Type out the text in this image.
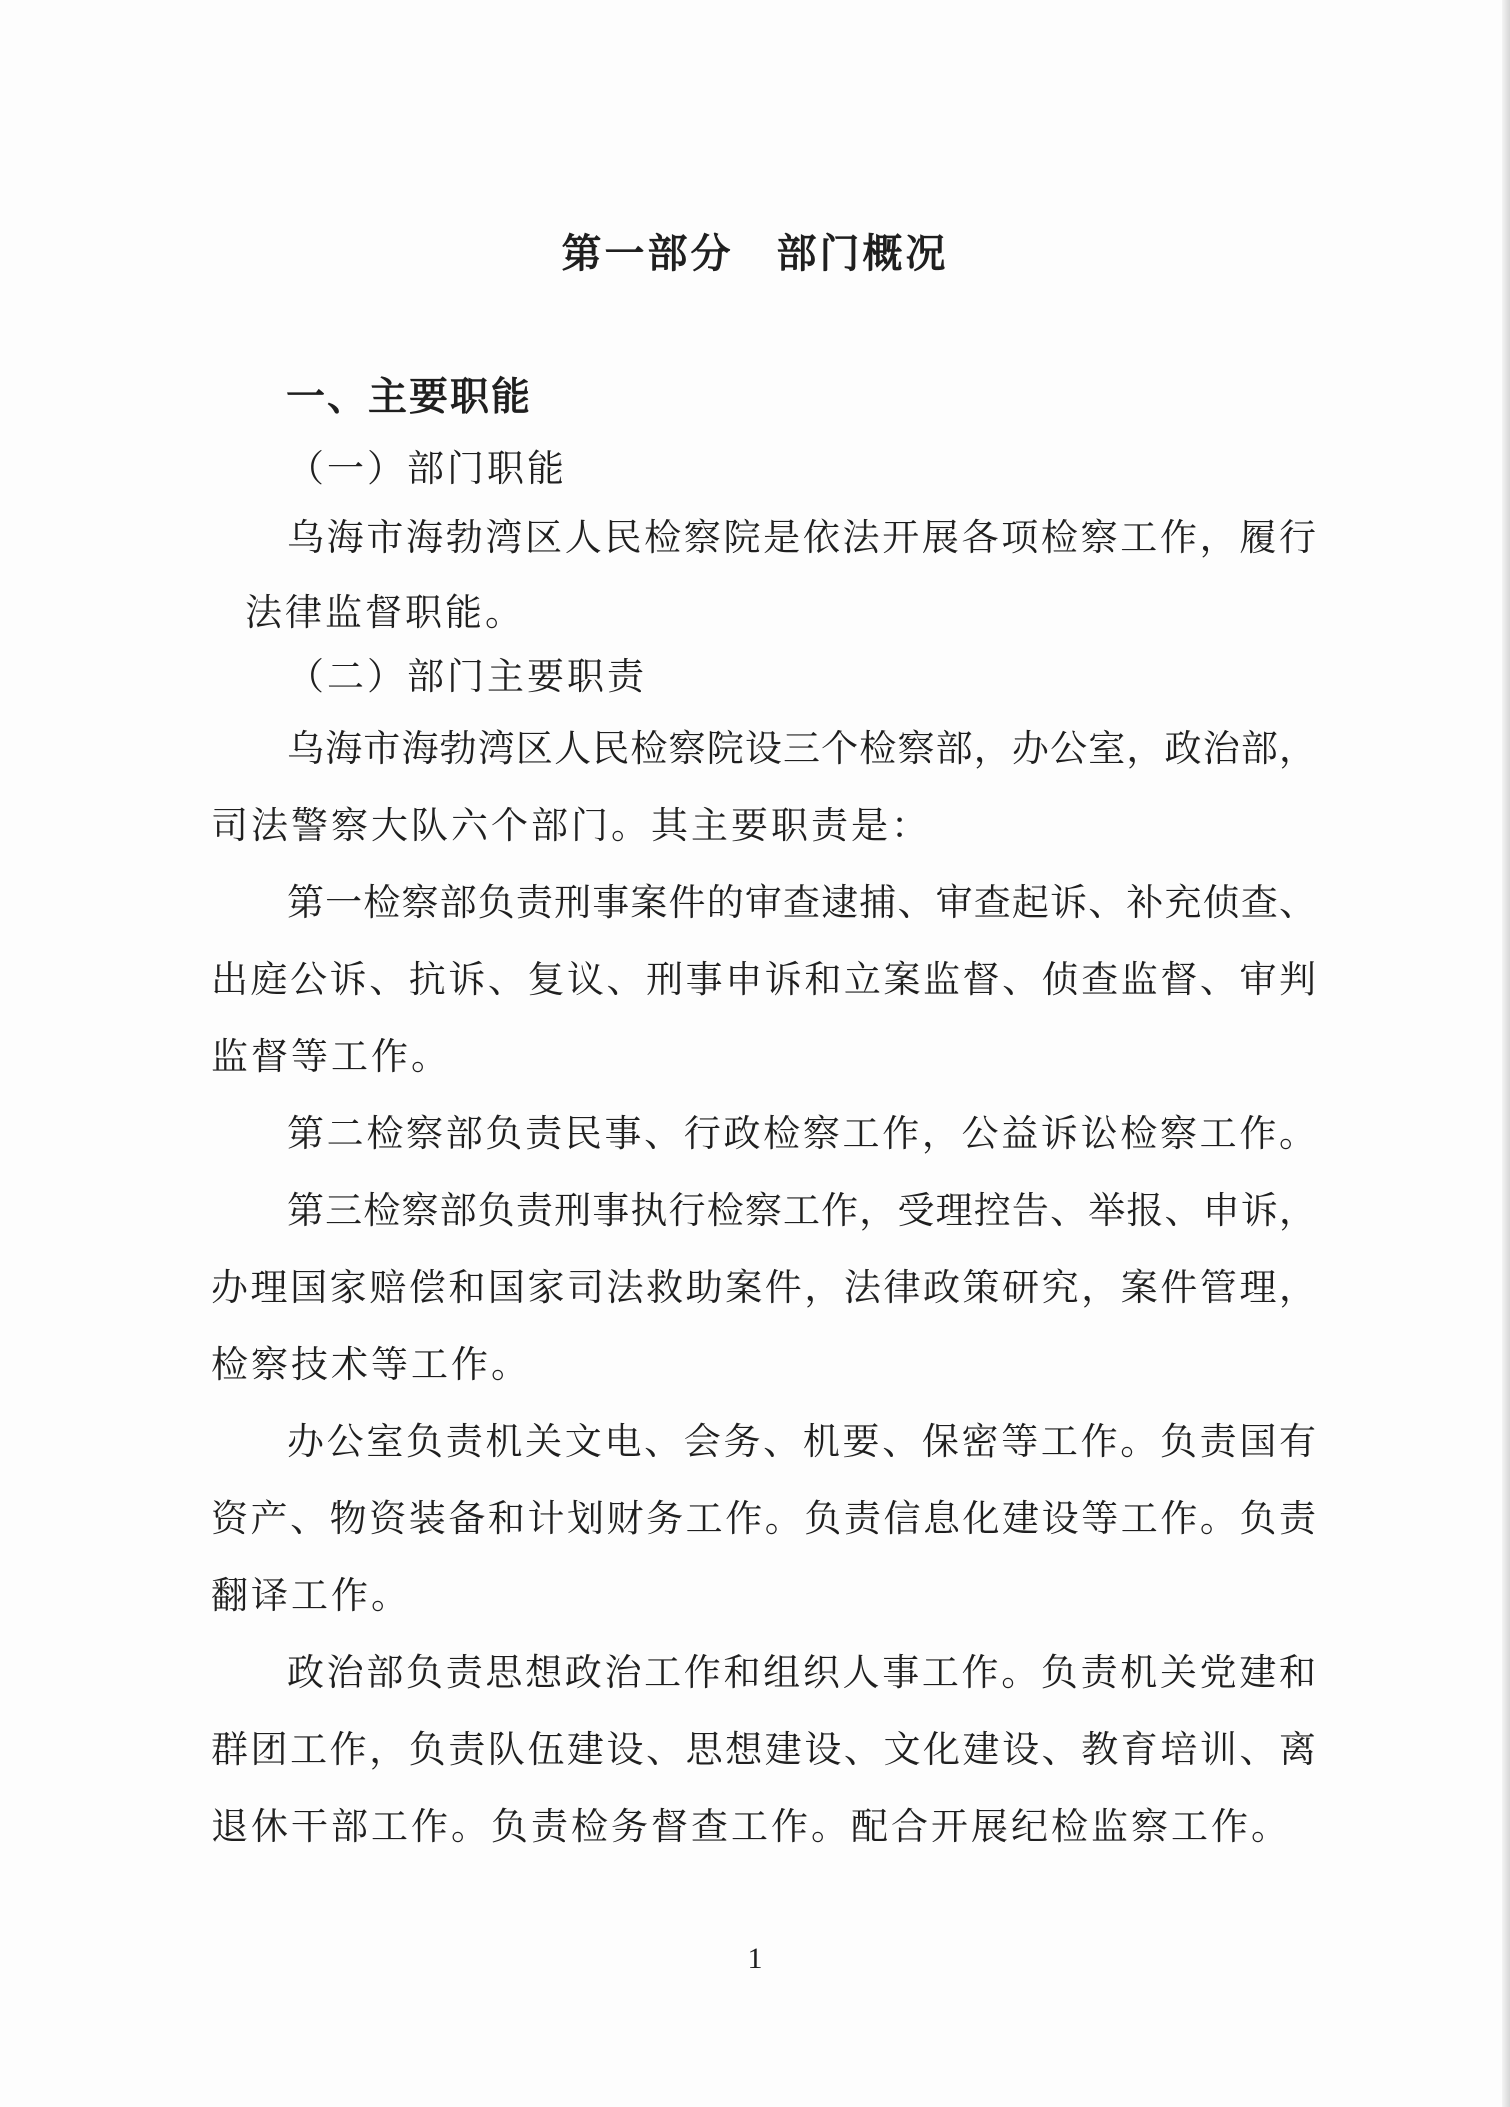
第一部分　部门概况
一、主要职能
（一）部门职能
乌海市海勃湾区人民检察院是依法开展各项检察工作，履行
法律监督职能。
（二）部门主要职责
乌海市海勃湾区人民检察院设三个检察部，办公室，政治部，
司法警察大队六个部门。其主要职责是：
第一检察部负责刑事案件的审查逮捕、审查起诉、补充侦查、
出庭公诉、抗诉、复议、刑事申诉和立案监督、侦查监督、审判
监督等工作。
第二检察部负责民事、行政检察工作，公益诉讼检察工作。
第三检察部负责刑事执行检察工作，受理控告、举报、申诉，
办理国家赔偿和国家司法救助案件，法律政策研究，案件管理，
检察技术等工作。
办公室负责机关文电、会务、机要、保密等工作。负责国有
资产、物资装备和计划财务工作。负责信息化建设等工作。负责
翻译工作。
政治部负责思想政治工作和组织人事工作。负责机关党建和
群团工作，负责队伍建设、思想建设、文化建设、教育培训、离
退休干部工作。负责检务督查工作。配合开展纪检监察工作。
1
